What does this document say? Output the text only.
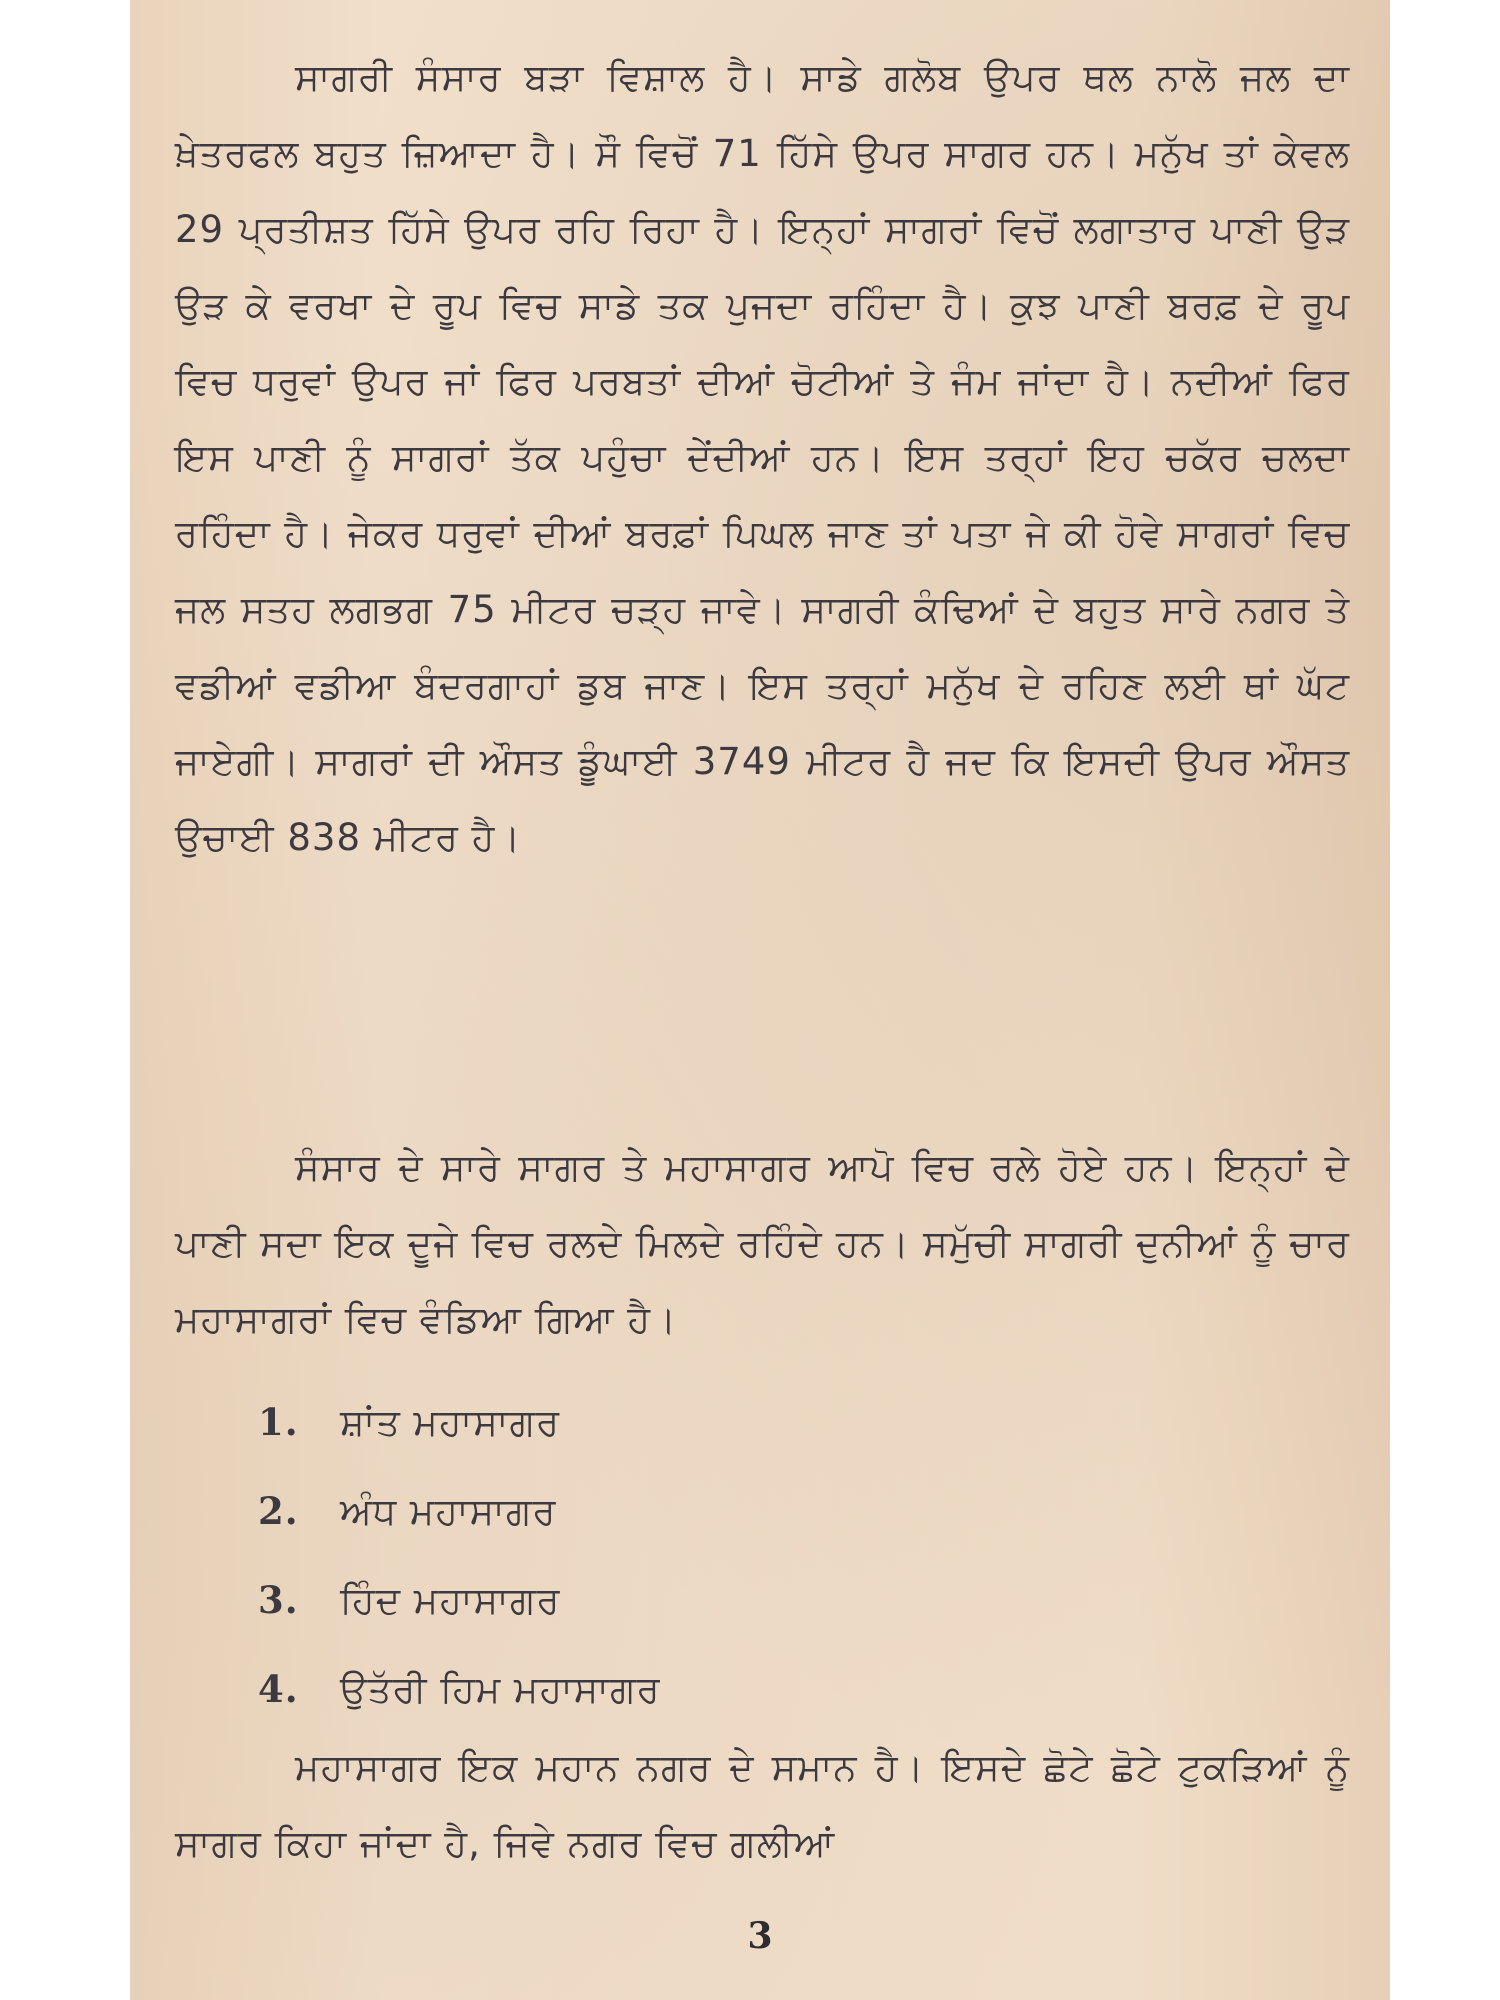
ਸਾਗਰੀ ਸੰਸਾਰ ਬੜਾ ਵਿਸ਼ਾਲ ਹੈ। ਸਾਡੇ ਗਲੋਬ ਉਪਰ ਥਲ ਨਾਲੋ ਜਲ ਦਾ ਖ਼ੇਤਰਫਲ ਬਹੁਤ ਜ਼ਿਆਦਾ ਹੈ। ਸੌ ਵਿਚੋਂ 71 ਹਿੱਸੇ ਉਪਰ ਸਾਗਰ ਹਨ। ਮਨੁੱਖ ਤਾਂ ਕੇਵਲ 29 ਪ੍ਰਤੀਸ਼ਤ ਹਿੱਸੇ ਉਪਰ ਰਹਿ ਰਿਹਾ ਹੈ। ਇਨ੍ਹਾਂ ਸਾਗਰਾਂ ਵਿਚੋਂ ਲਗਾਤਾਰ ਪਾਣੀ ਉੜ ਉੜ ਕੇ ਵਰਖਾ ਦੇ ਰੂਪ ਵਿਚ ਸਾਡੇ ਤਕ ਪੁਜਦਾ ਰਹਿੰਦਾ ਹੈ। ਕੁਝ ਪਾਣੀ ਬਰਫ਼ ਦੇ ਰੂਪ ਵਿਚ ਧਰੁਵਾਂ ਉਪਰ ਜਾਂ ਫਿਰ ਪਰਬਤਾਂ ਦੀਆਂ ਚੋਟੀਆਂ ਤੇ ਜੰਮ ਜਾਂਦਾ ਹੈ। ਨਦੀਆਂ ਫਿਰ ਇਸ ਪਾਣੀ ਨੂੰ ਸਾਗਰਾਂ ਤੱਕ ਪਹੁੰਚਾ ਦੇਂਦੀਆਂ ਹਨ। ਇਸ ਤਰ੍ਹਾਂ ਇਹ ਚਕੱਰ ਚਲਦਾ ਰਹਿੰਦਾ ਹੈ। ਜੇਕਰ ਧਰੁਵਾਂ ਦੀਆਂ ਬਰਫ਼ਾਂ ਪਿਘਲ ਜਾਣ ਤਾਂ ਪਤਾ ਜੇ ਕੀ ਹੋਵੇ ਸਾਗਰਾਂ ਵਿਚ ਜਲ ਸਤਹ ਲਗਭਗ 75 ਮੀਟਰ ਚੜ੍ਹ ਜਾਵੇ। ਸਾਗਰੀ ਕੰਢਿਆਂ ਦੇ ਬਹੁਤ ਸਾਰੇ ਨਗਰ ਤੇ ਵਡੀਆਂ ਵਡੀਆ ਬੰਦਰਗਾਹਾਂ ਡੁਬ ਜਾਣ। ਇਸ ਤਰ੍ਹਾਂ ਮਨੁੱਖ ਦੇ ਰਹਿਣ ਲਈ ਥਾਂ ਘੱਟ ਜਾਏਗੀ। ਸਾਗਰਾਂ ਦੀ ਔਸਤ ਡੂੰਘਾਈ 3749 ਮੀਟਰ ਹੈ ਜਦ ਕਿ ਇਸਦੀ ਉਪਰ ਔਸਤ ਉਚਾਈ 838 ਮੀਟਰ ਹੈ।

ਸੰਸਾਰ ਦੇ ਸਾਰੇ ਸਾਗਰ ਤੇ ਮਹਾਸਾਗਰ ਆਪੋ ਵਿਚ ਰਲੇ ਹੋਏ ਹਨ। ਇਨ੍ਹਾਂ ਦੇ ਪਾਣੀ ਸਦਾ ਇਕ ਦੂਜੇ ਵਿਚ ਰਲਦੇ ਮਿਲਦੇ ਰਹਿੰਦੇ ਹਨ। ਸਮੁੱਚੀ ਸਾਗਰੀ ਦੁਨੀਆਂ ਨੂੰ ਚਾਰ ਮਹਾਸਾਗਰਾਂ ਵਿਚ ਵੰਡਿਆ ਗਿਆ ਹੈ।

1. ਸ਼ਾਂਤ ਮਹਾਸਾਗਰ
2. ਅੰਧ ਮਹਾਸਾਗਰ
3. ਹਿੰਦ ਮਹਾਸਾਗਰ
4. ਉਤੱਰੀ ਹਿਮ ਮਹਾਸਾਗਰ

ਮਹਾਸਾਗਰ ਇਕ ਮਹਾਨ ਨਗਰ ਦੇ ਸਮਾਨ ਹੈ। ਇਸਦੇ ਛੋਟੇ ਛੋਟੇ ਟੁਕੜਿਆਂ ਨੂੰ ਸਾਗਰ ਕਿਹਾ ਜਾਂਦਾ ਹੈ, ਜਿਵੇ ਨਗਰ ਵਿਚ ਗਲੀਆਂ

3
